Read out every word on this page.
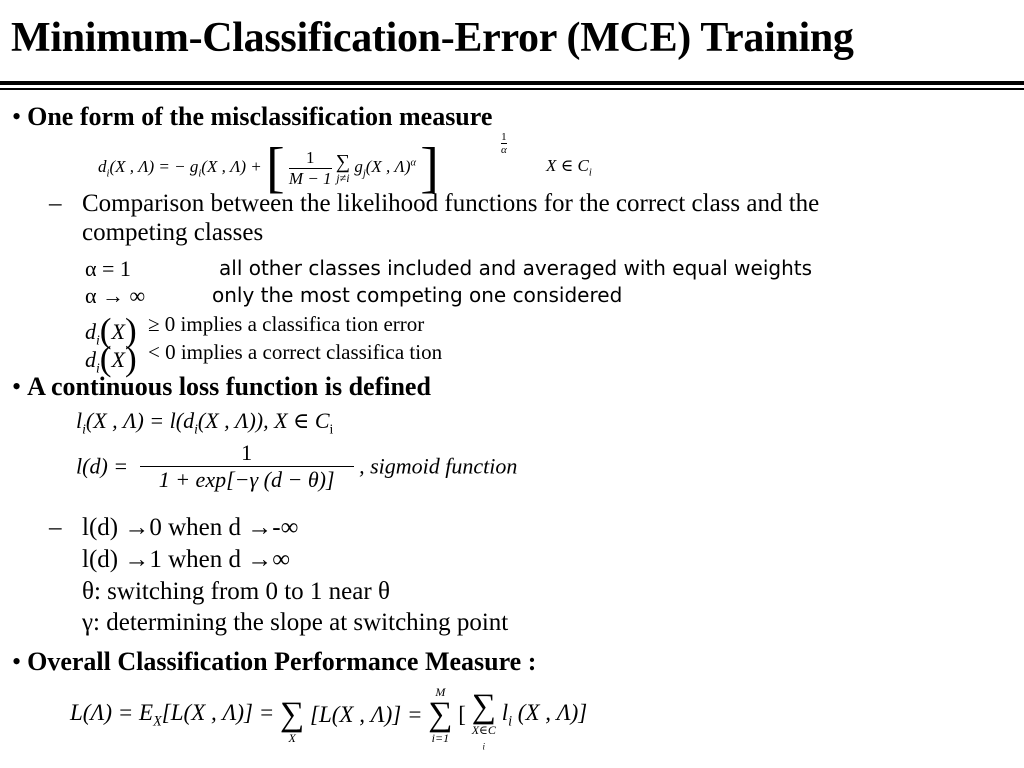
Minimum-Classification-Error (MCE) Training
• One form of the misclassification measure
$d_i(X$ , Λ) = − $g_i(X$ , Λ) + [ $\frac{1}{M - 1}$
∑
j≠i
$g_j(X$ , Λ)$^\alpha$ ]	1
α
X ∈ $C_i$
– Comparison between the likelihood functions for the correct class and the
competing classes
α = 1	all other classes included and averaged with equal weights
α → ∞	only the most competing one considered
$d_i(X) \ge 0$ implies a classifica tion error
$d_i(X) < 0$ implies a correct classifica tion
• A continuous loss function is defined
$l_i(X$ , $\Lambda) = l(d_i(X$ , Λ)), X ∈ $C_i$
$l(d) = \frac{1}{1 + \exp[-\gamma (d - \theta)]}$ , sigmoid function
– l(d) →0 when d →-∞
l(d) →1 when d →∞
θ: switching from 0 to 1 near θ
γ: determining the slope at switching point
• Overall Classification Performance Measure :
$L(\Lambda) = E_X[L(X$ , Λ)] = ∑
X
[L(X , Λ)] =
M
∑
i=1
[ ∑
X∈C
$_i$
$l_i$ (X , Λ)]
